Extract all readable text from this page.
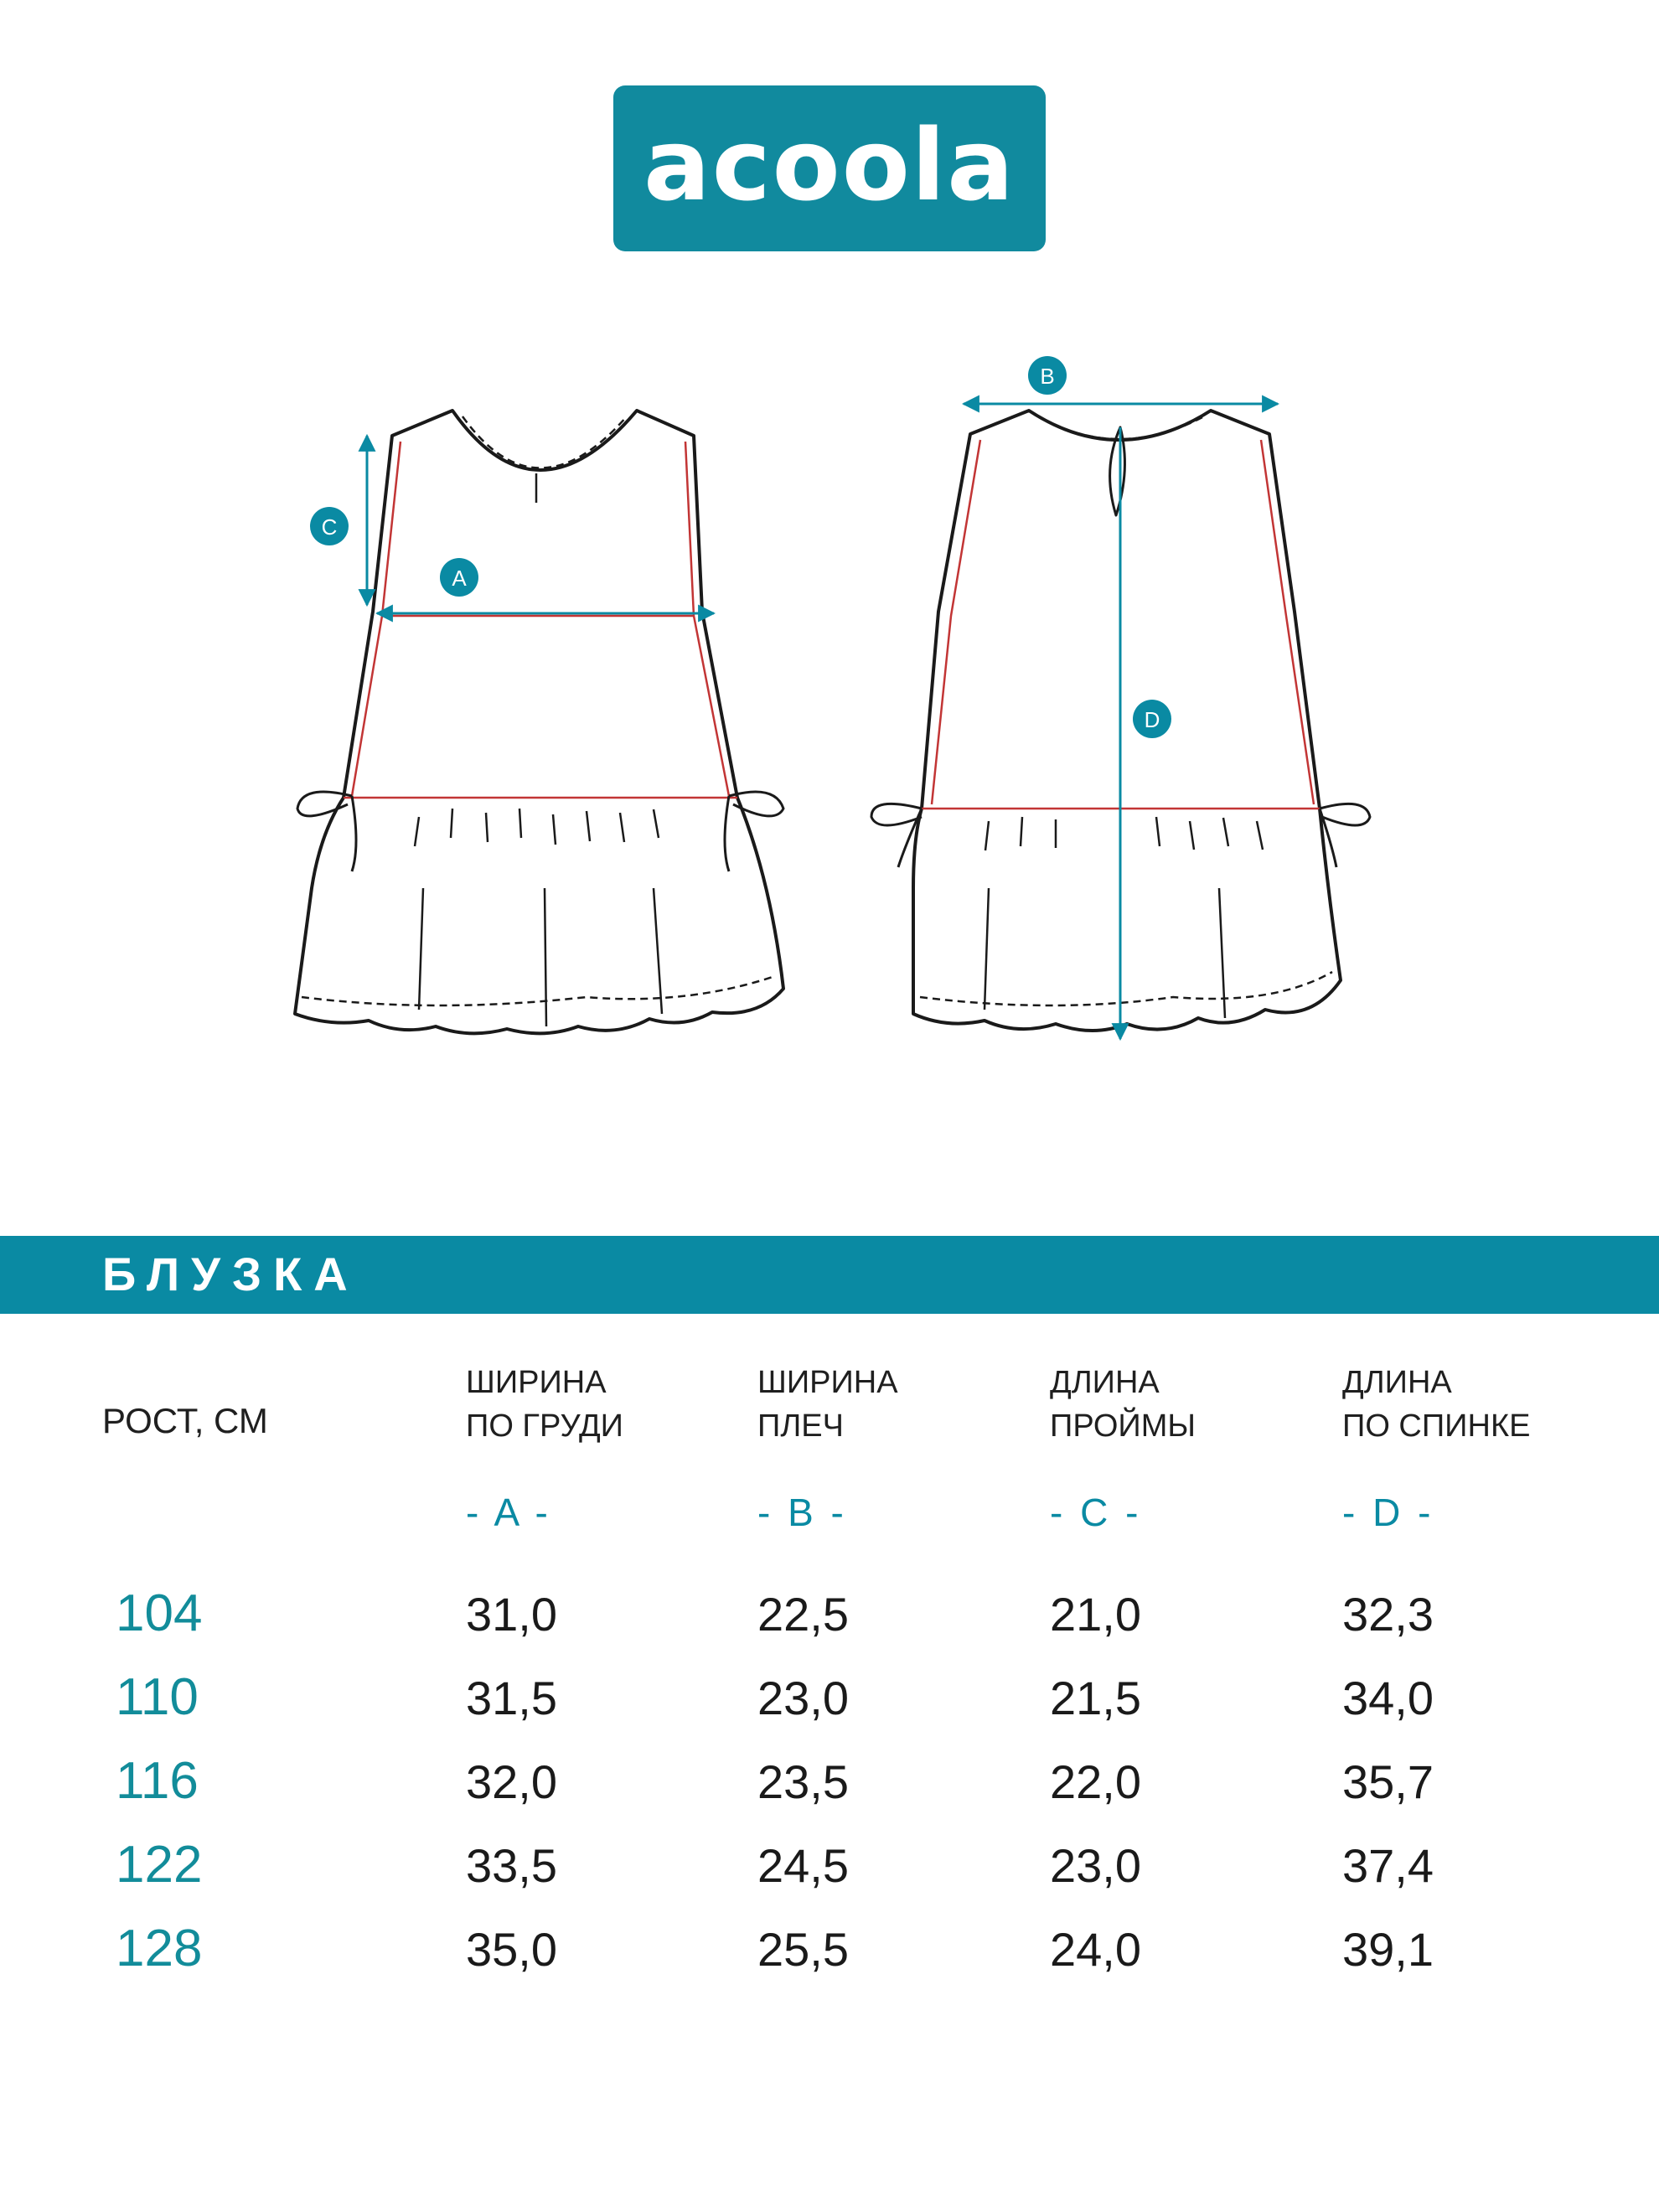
acoola
C
A
B
D
БЛУЗКА
РОСТ, СМ
ШИРИНА
ПО ГРУДИ
ШИРИНА
ПЛЕЧ
ДЛИНА
ПРОЙМЫ
ДЛИНА
ПО СПИНКЕ
- A -	- B -	- C -	- D -
104	31,0	22,5	21,0	32,3
110	31,5	23,0	21,5	34,0
116	32,0	23,5	22,0	35,7
122	33,5	24,5	23,0	37,4
128	35,0	25,5	24,0	39,1
